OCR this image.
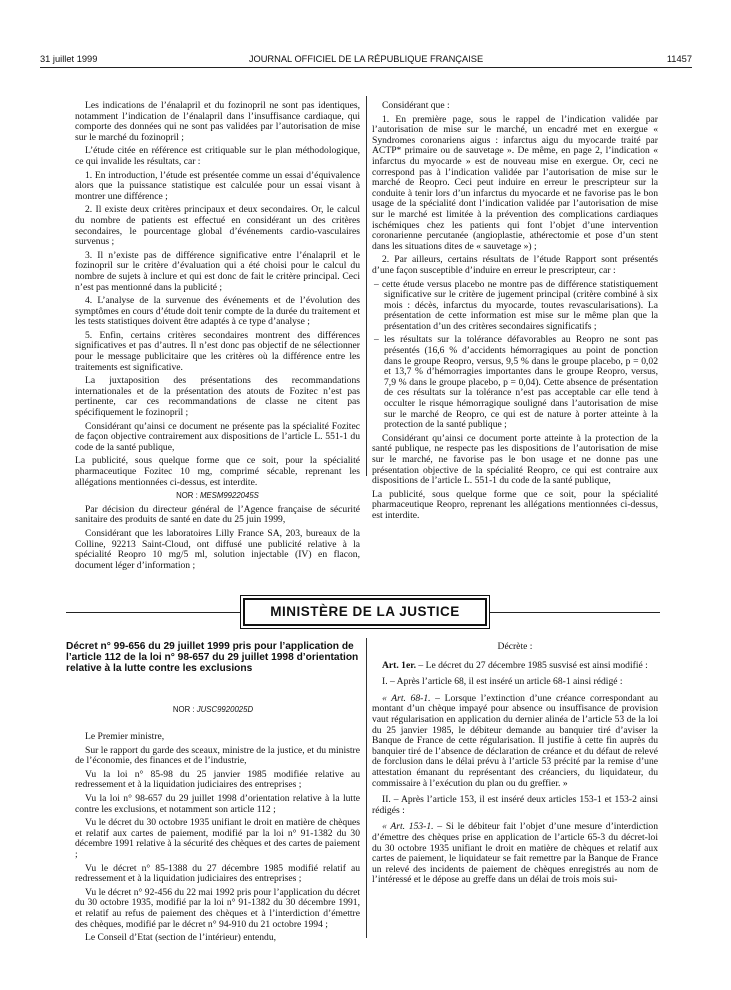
31 juillet 1999	JOURNAL OFFICIEL DE LA RÉPUBLIQUE FRANÇAISE	11457

Les indications de l’énalapril et du fozinopril ne sont pas identiques, notamment l’indication de l’énalapril dans l’insuffisance cardiaque, qui comporte des données qui ne sont pas validées par l’autorisation de mise sur le marché du fozinopril ;

L’étude citée en référence est critiquable sur le plan méthodologique, ce qui invalide les résultats, car :

1. En introduction, l’étude est présentée comme un essai d’équivalence alors que la puissance statistique est calculée pour un essai visant à montrer une différence ;

2. Il existe deux critères principaux et deux secondaires. Or, le calcul du nombre de patients est effectué en considérant un des critères secondaires, le pourcentage global d’événements cardio-vasculaires survenus ;

3. Il n’existe pas de différence significative entre l’énalapril et le fozinopril sur le critère d’évaluation qui a été choisi pour le calcul du nombre de sujets à inclure et qui est donc de fait le critère principal. Ceci n’est pas mentionné dans la publicité ;

4. L’analyse de la survenue des événements et de l’évolution des symptômes en cours d’étude doit tenir compte de la durée du traitement et les tests statistiques doivent être adaptés à ce type d’analyse ;

5. Enfin, certains critères secondaires montrent des différences significatives et pas d’autres. Il n’est donc pas objectif de ne sélectionner pour le message publicitaire que les critères où la différence entre les traitements est significative.

La juxtaposition des présentations des recommandations internationales et de la présentation des atouts de Fozitec n’est pas pertinente, car ces recommandations de classe ne citent pas spécifiquement le fozinopril ;

Considérant qu’ainsi ce document ne présente pas la spécialité Fozitec de façon objective contrairement aux dispositions de l’article L. 551-1 du code de la santé publique,

La publicité, sous quelque forme que ce soit, pour la spécialité pharmaceutique Fozitec 10 mg, comprimé sécable, reprenant les allégations mentionnées ci-dessus, est interdite.

NOR : MESM9922045S

Par décision du directeur général de l’Agence française de sécurité sanitaire des produits de santé en date du 25 juin 1999,

Considérant que les laboratoires Lilly France SA, 203, bureaux de la Colline, 92213 Saint-Cloud, ont diffusé une publicité relative à la spécialité Reopro 10 mg/5 ml, solution injectable (IV) en flacon, document léger d’information ;

Considérant que :

1. En première page, sous le rappel de l’indication validée par l’autorisation de mise sur le marché, un encadré met en exergue « Syndromes coronariens aigus : infarctus aigu du myocarde traité par ACTP* primaire ou de sauvetage ». De même, en page 2, l’indication « infarctus du myocarde » est de nouveau mise en exergue. Or, ceci ne correspond pas à l’indication validée par l’autorisation de mise sur le marché de Reopro. Ceci peut induire en erreur le prescripteur sur la conduite à tenir lors d’un infarctus du myocarde et ne favorise pas le bon usage de la spécialité dont l’indication validée par l’autorisation de mise sur le marché est limitée à la prévention des complications cardiaques ischémiques chez les patients qui font l’objet d’une intervention coronarienne percutanée (angioplastie, athérectomie et pose d’un stent dans les situations dites de « sauvetage ») ;

2. Par ailleurs, certains résultats de l’étude Rapport sont présentés d’une façon susceptible d’induire en erreur le prescripteur, car :

– cette étude versus placebo ne montre pas de différence statistiquement significative sur le critère de jugement principal (critère combiné à six mois : décès, infarctus du myocarde, toutes revascularisations). La présentation de cette information est mise sur le même plan que la présentation d’un des critères secondaires significatifs ;

– les résultats sur la tolérance défavorables au Reopro ne sont pas présentés (16,6 % d’accidents hémorragiques au point de ponction dans le groupe Reopro, versus, 9,5 % dans le groupe placebo, p = 0,02 et 13,7 % d’hémorragies importantes dans le groupe Reopro, versus, 7,9 % dans le groupe placebo, p = 0,04). Cette absence de présentation de ces résultats sur la tolérance n’est pas acceptable car elle tend à occulter le risque hémorragique souligné dans l’autorisation de mise sur le marché de Reopro, ce qui est de nature à porter atteinte à la protection de la santé publique ;

Considérant qu’ainsi ce document porte atteinte à la protection de la santé publique, ne respecte pas les dispositions de l’autorisation de mise sur le marché, ne favorise pas le bon usage et ne donne pas une présentation objective de la spécialité Reopro, ce qui est contraire aux dispositions de l’article L. 551-1 du code de la santé publique,

La publicité, sous quelque forme que ce soit, pour la spécialité pharmaceutique Reopro, reprenant les allégations mentionnées ci-dessus, est interdite.

MINISTÈRE DE LA JUSTICE
Décret n° 99-656 du 29 juillet 1999 pris pour l’application de l’article 112 de la loi n° 98-657 du 29 juillet 1998 d’orientation relative à la lutte contre les exclusions
NOR : JUSC9920025D

Le Premier ministre,

Sur le rapport du garde des sceaux, ministre de la justice, et du ministre de l’économie, des finances et de l’industrie,

Vu la loi n° 85-98 du 25 janvier 1985 modifiée relative au redressement et à la liquidation judiciaires des entreprises ;

Vu la loi n° 98-657 du 29 juillet 1998 d’orientation relative à la lutte contre les exclusions, et notamment son article 112 ;

Vu le décret du 30 octobre 1935 unifiant le droit en matière de chèques et relatif aux cartes de paiement, modifié par la loi n° 91-1382 du 30 décembre 1991 relative à la sécurité des chèques et des cartes de paiement ;

Vu le décret n° 85-1388 du 27 décembre 1985 modifié relatif au redressement et à la liquidation judiciaires des entreprises ;

Vu le décret n° 92-456 du 22 mai 1992 pris pour l’application du décret du 30 octobre 1935, modifié par la loi n° 91-1382 du 30 décembre 1991, et relatif au refus de paiement des chèques et à l’interdiction d’émettre des chèques, modifié par le décret n° 94-910 du 21 octobre 1994 ;

Le Conseil d’Etat (section de l’intérieur) entendu,

Décrète :

Art. 1er. – Le décret du 27 décembre 1985 susvisé est ainsi modifié :

I. – Après l’article 68, il est inséré un article 68-1 ainsi rédigé :

« Art. 68-1. – Lorsque l’extinction d’une créance correspondant au montant d’un chèque impayé pour absence ou insuffisance de provision vaut régularisation en application du dernier alinéa de l’article 53 de la loi du 25 janvier 1985, le débiteur demande au banquier tiré d’aviser la Banque de France de cette régularisation. Il justifie à cette fin auprès du banquier tiré de l’absence de déclaration de créance et du défaut de relevé de forclusion dans le délai prévu à l’article 53 précité par la remise d’une attestation émanant du représentant des créanciers, du liquidateur, du commissaire à l’exécution du plan ou du greffier. »

II. – Après l’article 153, il est inséré deux articles 153-1 et 153-2 ainsi rédigés :

« Art. 153-1. – Si le débiteur fait l’objet d’une mesure d’interdiction d’émettre des chèques prise en application de l’article 65-3 du décret-loi du 30 octobre 1935 unifiant le droit en matière de chèques et relatif aux cartes de paiement, le liquidateur se fait remettre par la Banque de France un relevé des incidents de paiement de chèques enregistrés au nom de l’intéressé et le dépose au greffe dans un délai de trois mois sui-
